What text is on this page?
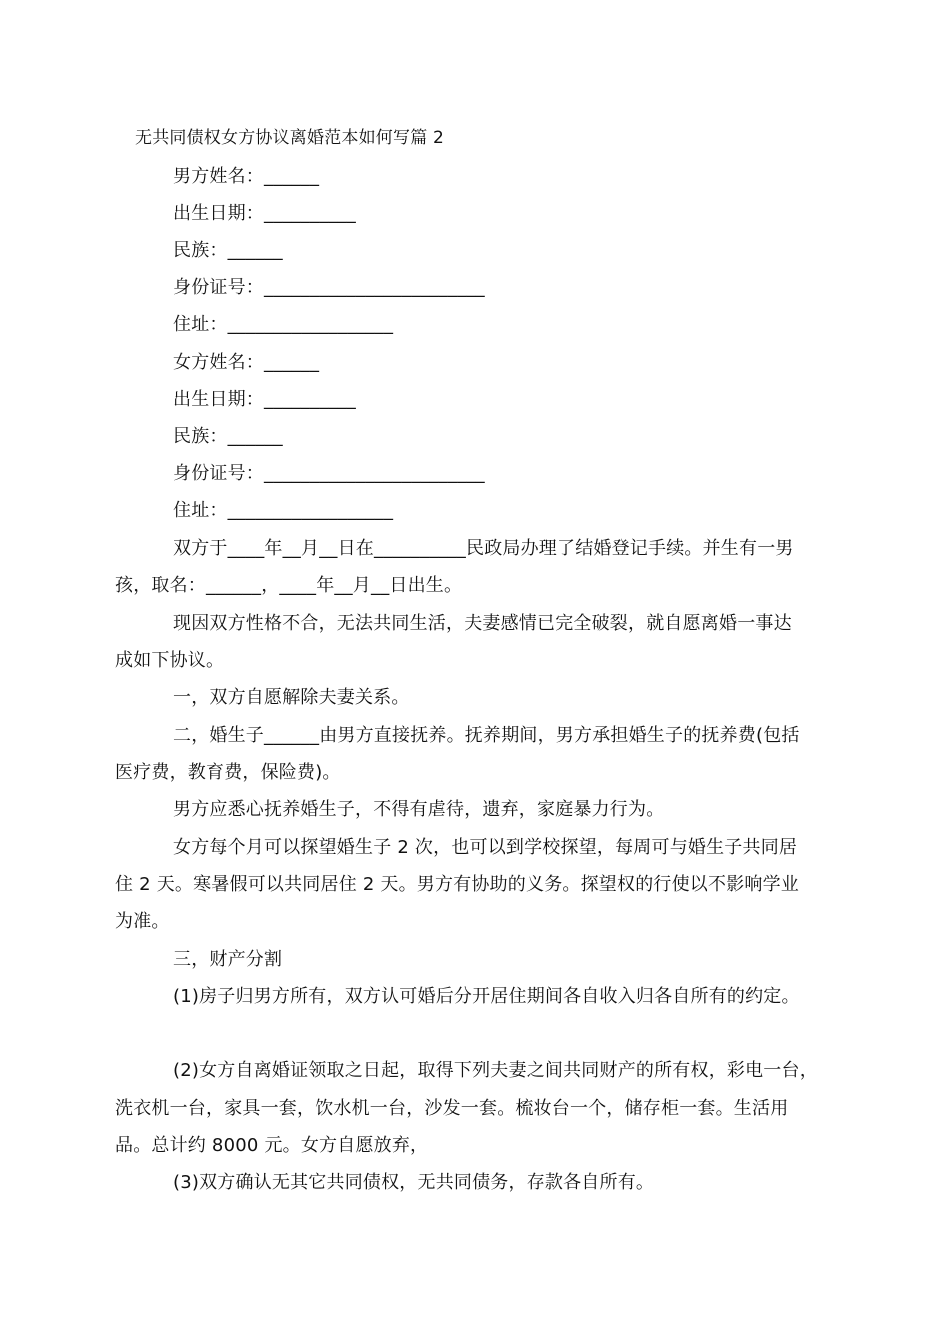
无共同债权女方协议离婚范本如何写篇 2
男方姓名：______
出生日期：__________
民族：______
身份证号：________________________
住址：__________________
女方姓名：______
出生日期：__________
民族：______
身份证号：________________________
住址：__________________
双方于____年__月__日在__________民政局办理了结婚登记手续。并生有一男
孩，取名：______，____年__月__日出生。
现因双方性格不合，无法共同生活，夫妻感情已完全破裂，就自愿离婚一事达
成如下协议。
一，双方自愿解除夫妻关系。
二，婚生子______由男方直接抚养。抚养期间，男方承担婚生子的抚养费(包括
医疗费，教育费，保险费)。
男方应悉心抚养婚生子，不得有虐待，遗弃，家庭暴力行为。
女方每个月可以探望婚生子 2 次，也可以到学校探望，每周可与婚生子共同居
住 2 天。寒暑假可以共同居住 2 天。男方有协助的义务。探望权的行使以不影响学业
为准。
三，财产分割
(1)房子归男方所有，双方认可婚后分开居住期间各自收入归各自所有的约定。
(2)女方自离婚证领取之日起，取得下列夫妻之间共同财产的所有权，彩电一台，
洗衣机一台，家具一套，饮水机一台，沙发一套。梳妆台一个，储存柜一套。生活用
品。总计约 8000 元。女方自愿放弃，
(3)双方确认无其它共同债权，无共同债务，存款各自所有。
